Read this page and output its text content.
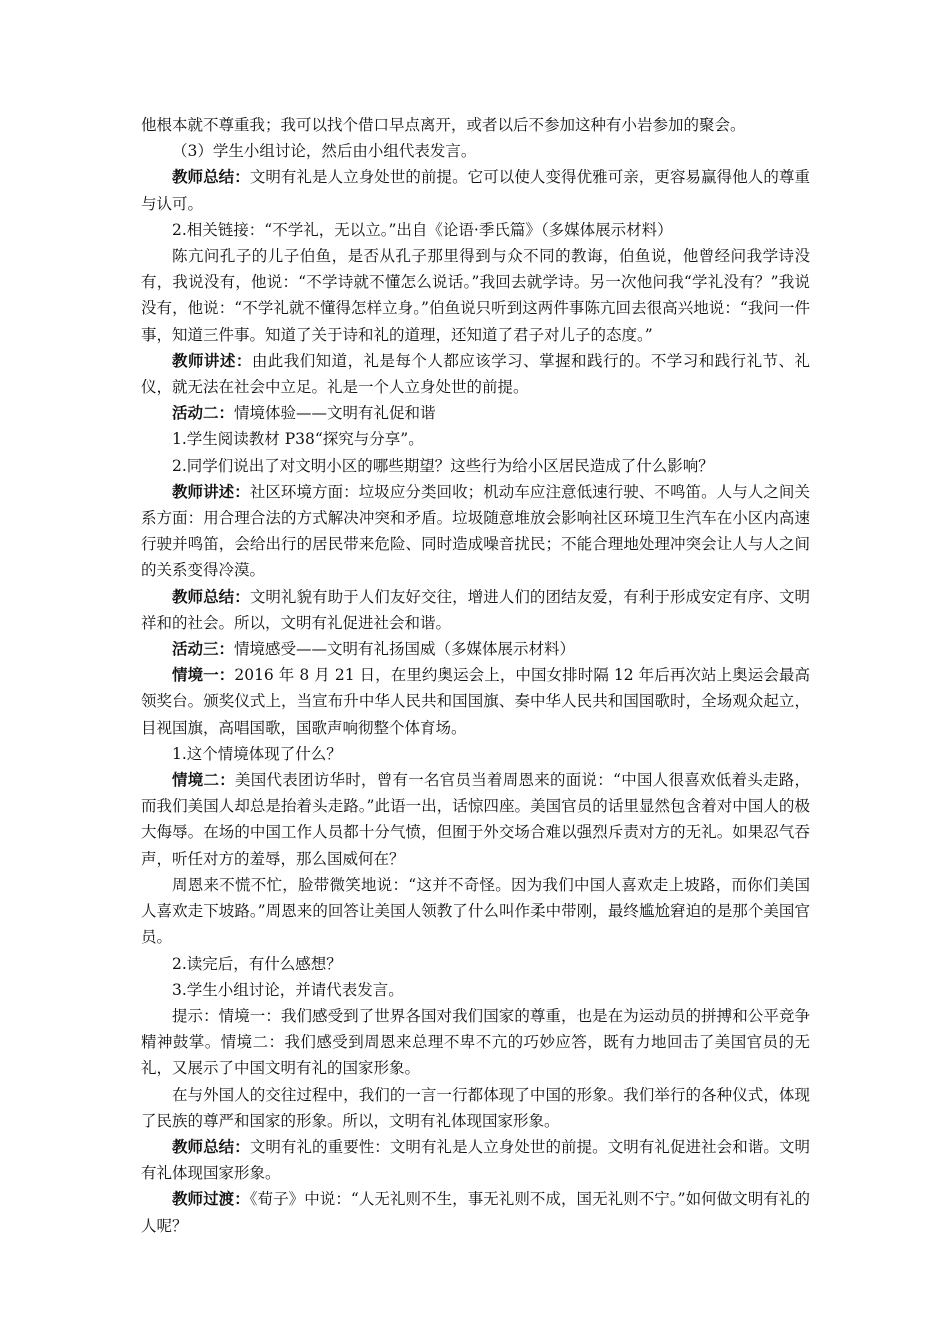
他根本就不尊重我；我可以找个借口早点离开，或者以后不参加这种有小岩参加的聚会。

（3）学生小组讨论，然后由小组代表发言。

教师总结：文明有礼是人立身处世的前提。它可以使人变得优雅可亲，更容易赢得他人的尊重与认可。

2.相关链接：“不学礼，无以立。”出自《论语·季氏篇》（多媒体展示材料）

陈亢问孔子的儿子伯鱼，是否从孔子那里得到与众不同的教诲，伯鱼说，他曾经问我学诗没有，我说没有，他说：“不学诗就不懂怎么说话。”我回去就学诗。另一次他问我“学礼没有？”我说没有，他说：“不学礼就不懂得怎样立身。”伯鱼说只听到这两件事陈亢回去很高兴地说：“我问一件事，知道三件事。知道了关于诗和礼的道理，还知道了君子对儿子的态度。”

教师讲述：由此我们知道，礼是每个人都应该学习、掌握和践行的。不学习和践行礼节、礼仪，就无法在社会中立足。礼是一个人立身处世的前提。

活动二：情境体验——文明有礼促和谐

1.学生阅读教材 P38“探究与分享”。

2.同学们说出了对文明小区的哪些期望？这些行为给小区居民造成了什么影响？

教师讲述：社区环境方面：垃圾应分类回收；机动车应注意低速行驶、不鸣笛。人与人之间关系方面：用合理合法的方式解决冲突和矛盾。垃圾随意堆放会影响社区环境卫生汽车在小区内高速行驶并鸣笛，会给出行的居民带来危险、同时造成噪音扰民；不能合理地处理冲突会让人与人之间的关系变得冷漠。

教师总结：文明礼貌有助于人们友好交往，增进人们的团结友爱，有利于形成安定有序、文明祥和的社会。所以，文明有礼促进社会和谐。

活动三：情境感受——文明有礼扬国威（多媒体展示材料）

情境一：2016 年 8 月 21 日，在里约奥运会上，中国女排时隔 12 年后再次站上奥运会最高领奖台。颁奖仪式上，当宣布升中华人民共和国国旗、奏中华人民共和国国歌时，全场观众起立，目视国旗，高唱国歌，国歌声响彻整个体育场。

1.这个情境体现了什么？

情境二：美国代表团访华时，曾有一名官员当着周恩来的面说：“中国人很喜欢低着头走路，而我们美国人却总是抬着头走路。”此语一出，话惊四座。美国官员的话里显然包含着对中国人的极大侮辱。在场的中国工作人员都十分气愤，但囿于外交场合难以强烈斥责对方的无礼。如果忍气吞声，听任对方的羞辱，那么国威何在？

周恩来不慌不忙，脸带微笑地说：“这并不奇怪。因为我们中国人喜欢走上坡路，而你们美国人喜欢走下坡路。”周恩来的回答让美国人领教了什么叫作柔中带刚，最终尴尬窘迫的是那个美国官员。

2.读完后，有什么感想？

3.学生小组讨论，并请代表发言。

提示：情境一：我们感受到了世界各国对我们国家的尊重，也是在为运动员的拼搏和公平竞争精神鼓掌。情境二：我们感受到周恩来总理不卑不亢的巧妙应答，既有力地回击了美国官员的无礼，又展示了中国文明有礼的国家形象。

在与外国人的交往过程中，我们的一言一行都体现了中国的形象。我们举行的各种仪式，体现了民族的尊严和国家的形象。所以，文明有礼体现国家形象。

教师总结：文明有礼的重要性：文明有礼是人立身处世的前提。文明有礼促进社会和谐。文明有礼体现国家形象。

教师过渡：《荀子》中说：“人无礼则不生，事无礼则不成，国无礼则不宁。”如何做文明有礼的人呢？
